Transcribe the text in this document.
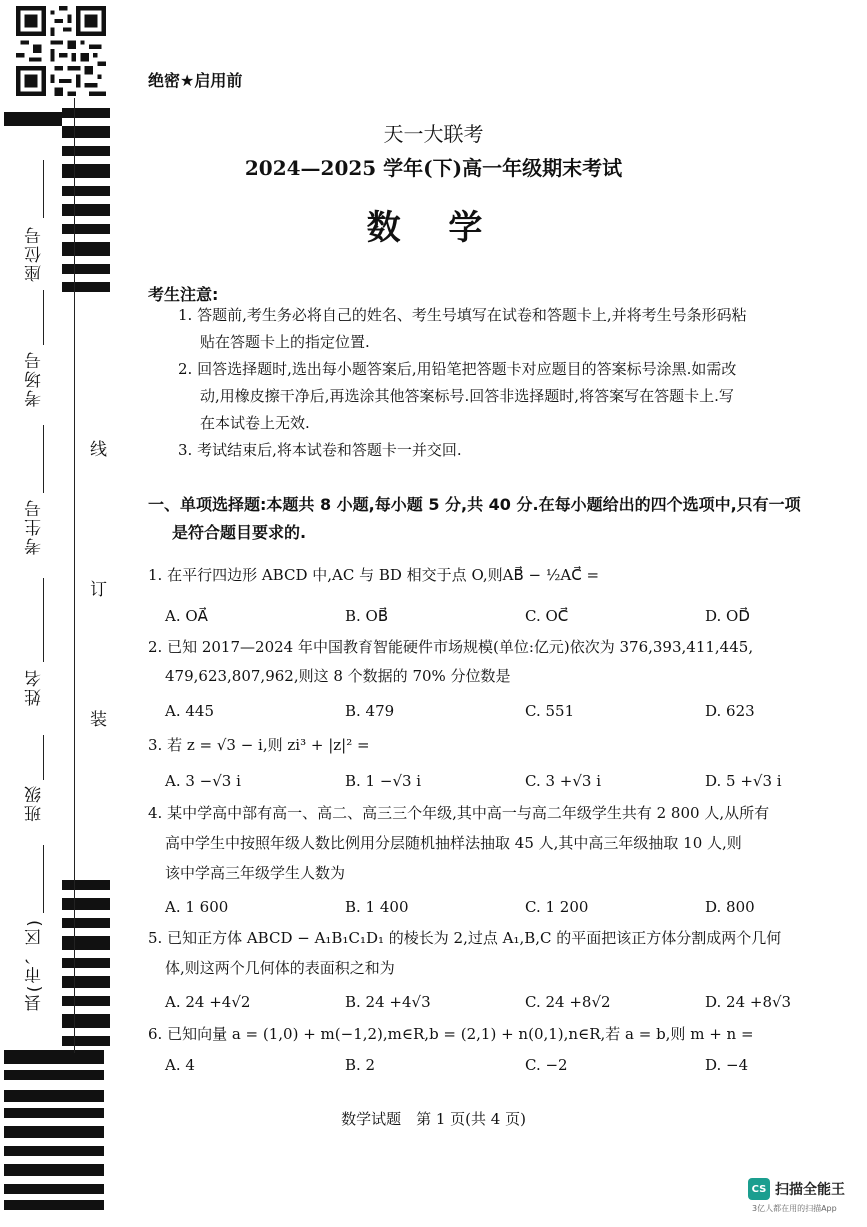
座位号
考场号
考生号
姓名
班级
县(市、区)
线
订
装
绝密★启用前
天一大联考
2024—2025 学年(下)高一年级期末考试
数 学
考生注意:
1. 答题前,考生务必将自己的姓名、考生号填写在试卷和答题卡上,并将考生号条形码粘
贴在答题卡上的指定位置.
2. 回答选择题时,选出每小题答案后,用铅笔把答题卡对应题目的答案标号涂黑.如需改
动,用橡皮擦干净后,再选涂其他答案标号.回答非选择题时,将答案写在答题卡上.写
在本试卷上无效.
3. 考试结束后,将本试卷和答题卡一并交回.
一、单项选择题:本题共 8 小题,每小题 5 分,共 40 分.在每小题给出的四个选项中,只有一项
是符合题目要求的.
1. 在平行四边形 ABCD 中,AC 与 BD 相交于点 O,则AB⃗ − ½AC⃗ =
A. OA⃗	B. OB⃗	C. OC⃗	D. OD⃗
2. 已知 2017—2024 年中国教育智能硬件市场规模(单位:亿元)依次为 376,393,411,445,
479,623,807,962,则这 8 个数据的 70% 分位数是
A. 445	B. 479	C. 551	D. 623
3. 若 z = √3 − i,则 zi³ + |z|² =
A. 3 −√3 i	B. 1 −√3 i	C. 3 +√3 i	D. 5 +√3 i
4. 某中学高中部有高一、高二、高三三个年级,其中高一与高二年级学生共有 2 800 人,从所有
高中学生中按照年级人数比例用分层随机抽样法抽取 45 人,其中高三年级抽取 10 人,则
该中学高三年级学生人数为
A. 1 600	B. 1 400	C. 1 200	D. 800
5. 已知正方体 ABCD − A₁B₁C₁D₁ 的棱长为 2,过点 A₁,B,C 的平面把该正方体分割成两个几何
体,则这两个几何体的表面积之和为
A. 24 +4√2	B. 24 +4√3	C. 24 +8√2	D. 24 +8√3
6. 已知向量 a = (1,0) + m(−1,2),m∈R,b = (2,1) + n(0,1),n∈R,若 a = b,则 m + n =
A. 4	B. 2	C. −2	D. −4
数学试题　第 1 页(共 4 页)
CS 扫描全能王
3亿人都在用的扫描App
